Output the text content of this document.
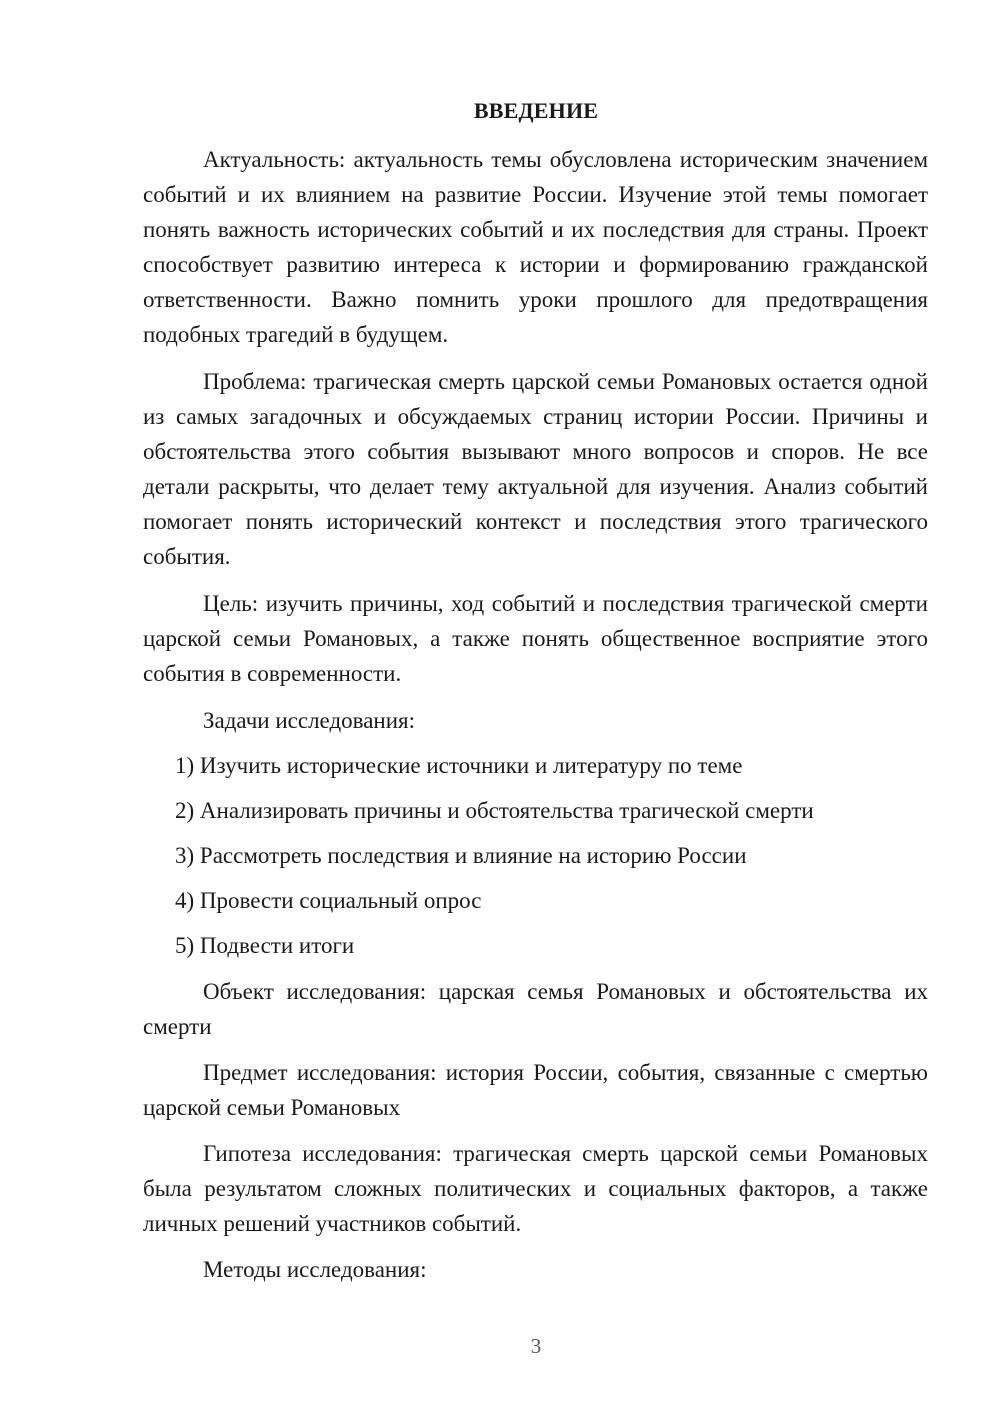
ВВЕДЕНИЕ
Актуальность: актуальность темы обусловлена историческим значением событий и их влиянием на развитие России. Изучение этой темы помогает понять важность исторических событий и их последствия для страны. Проект способствует развитию интереса к истории и формированию гражданской ответственности. Важно помнить уроки прошлого для предотвращения подобных трагедий в будущем.
Проблема: трагическая смерть царской семьи Романовых остается одной из самых загадочных и обсуждаемых страниц истории России. Причины и обстоятельства этого события вызывают много вопросов и споров. Не все детали раскрыты, что делает тему актуальной для изучения. Анализ событий помогает понять исторический контекст и последствия этого трагического события.
Цель: изучить причины, ход событий и последствия трагической смерти царской семьи Романовых, а также понять общественное восприятие этого события в современности.
Задачи исследования:
1) Изучить исторические источники и литературу по теме
2) Анализировать причины и обстоятельства трагической смерти
3) Рассмотреть последствия и влияние на историю России
4) Провести социальный опрос
5) Подвести итоги
Объект исследования: царская семья Романовых и обстоятельства их смерти
Предмет исследования: история России, события, связанные с смертью царской семьи Романовых
Гипотеза исследования: трагическая смерть царской семьи Романовых была результатом сложных политических и социальных факторов, а также личных решений участников событий.
Методы исследования:
3
